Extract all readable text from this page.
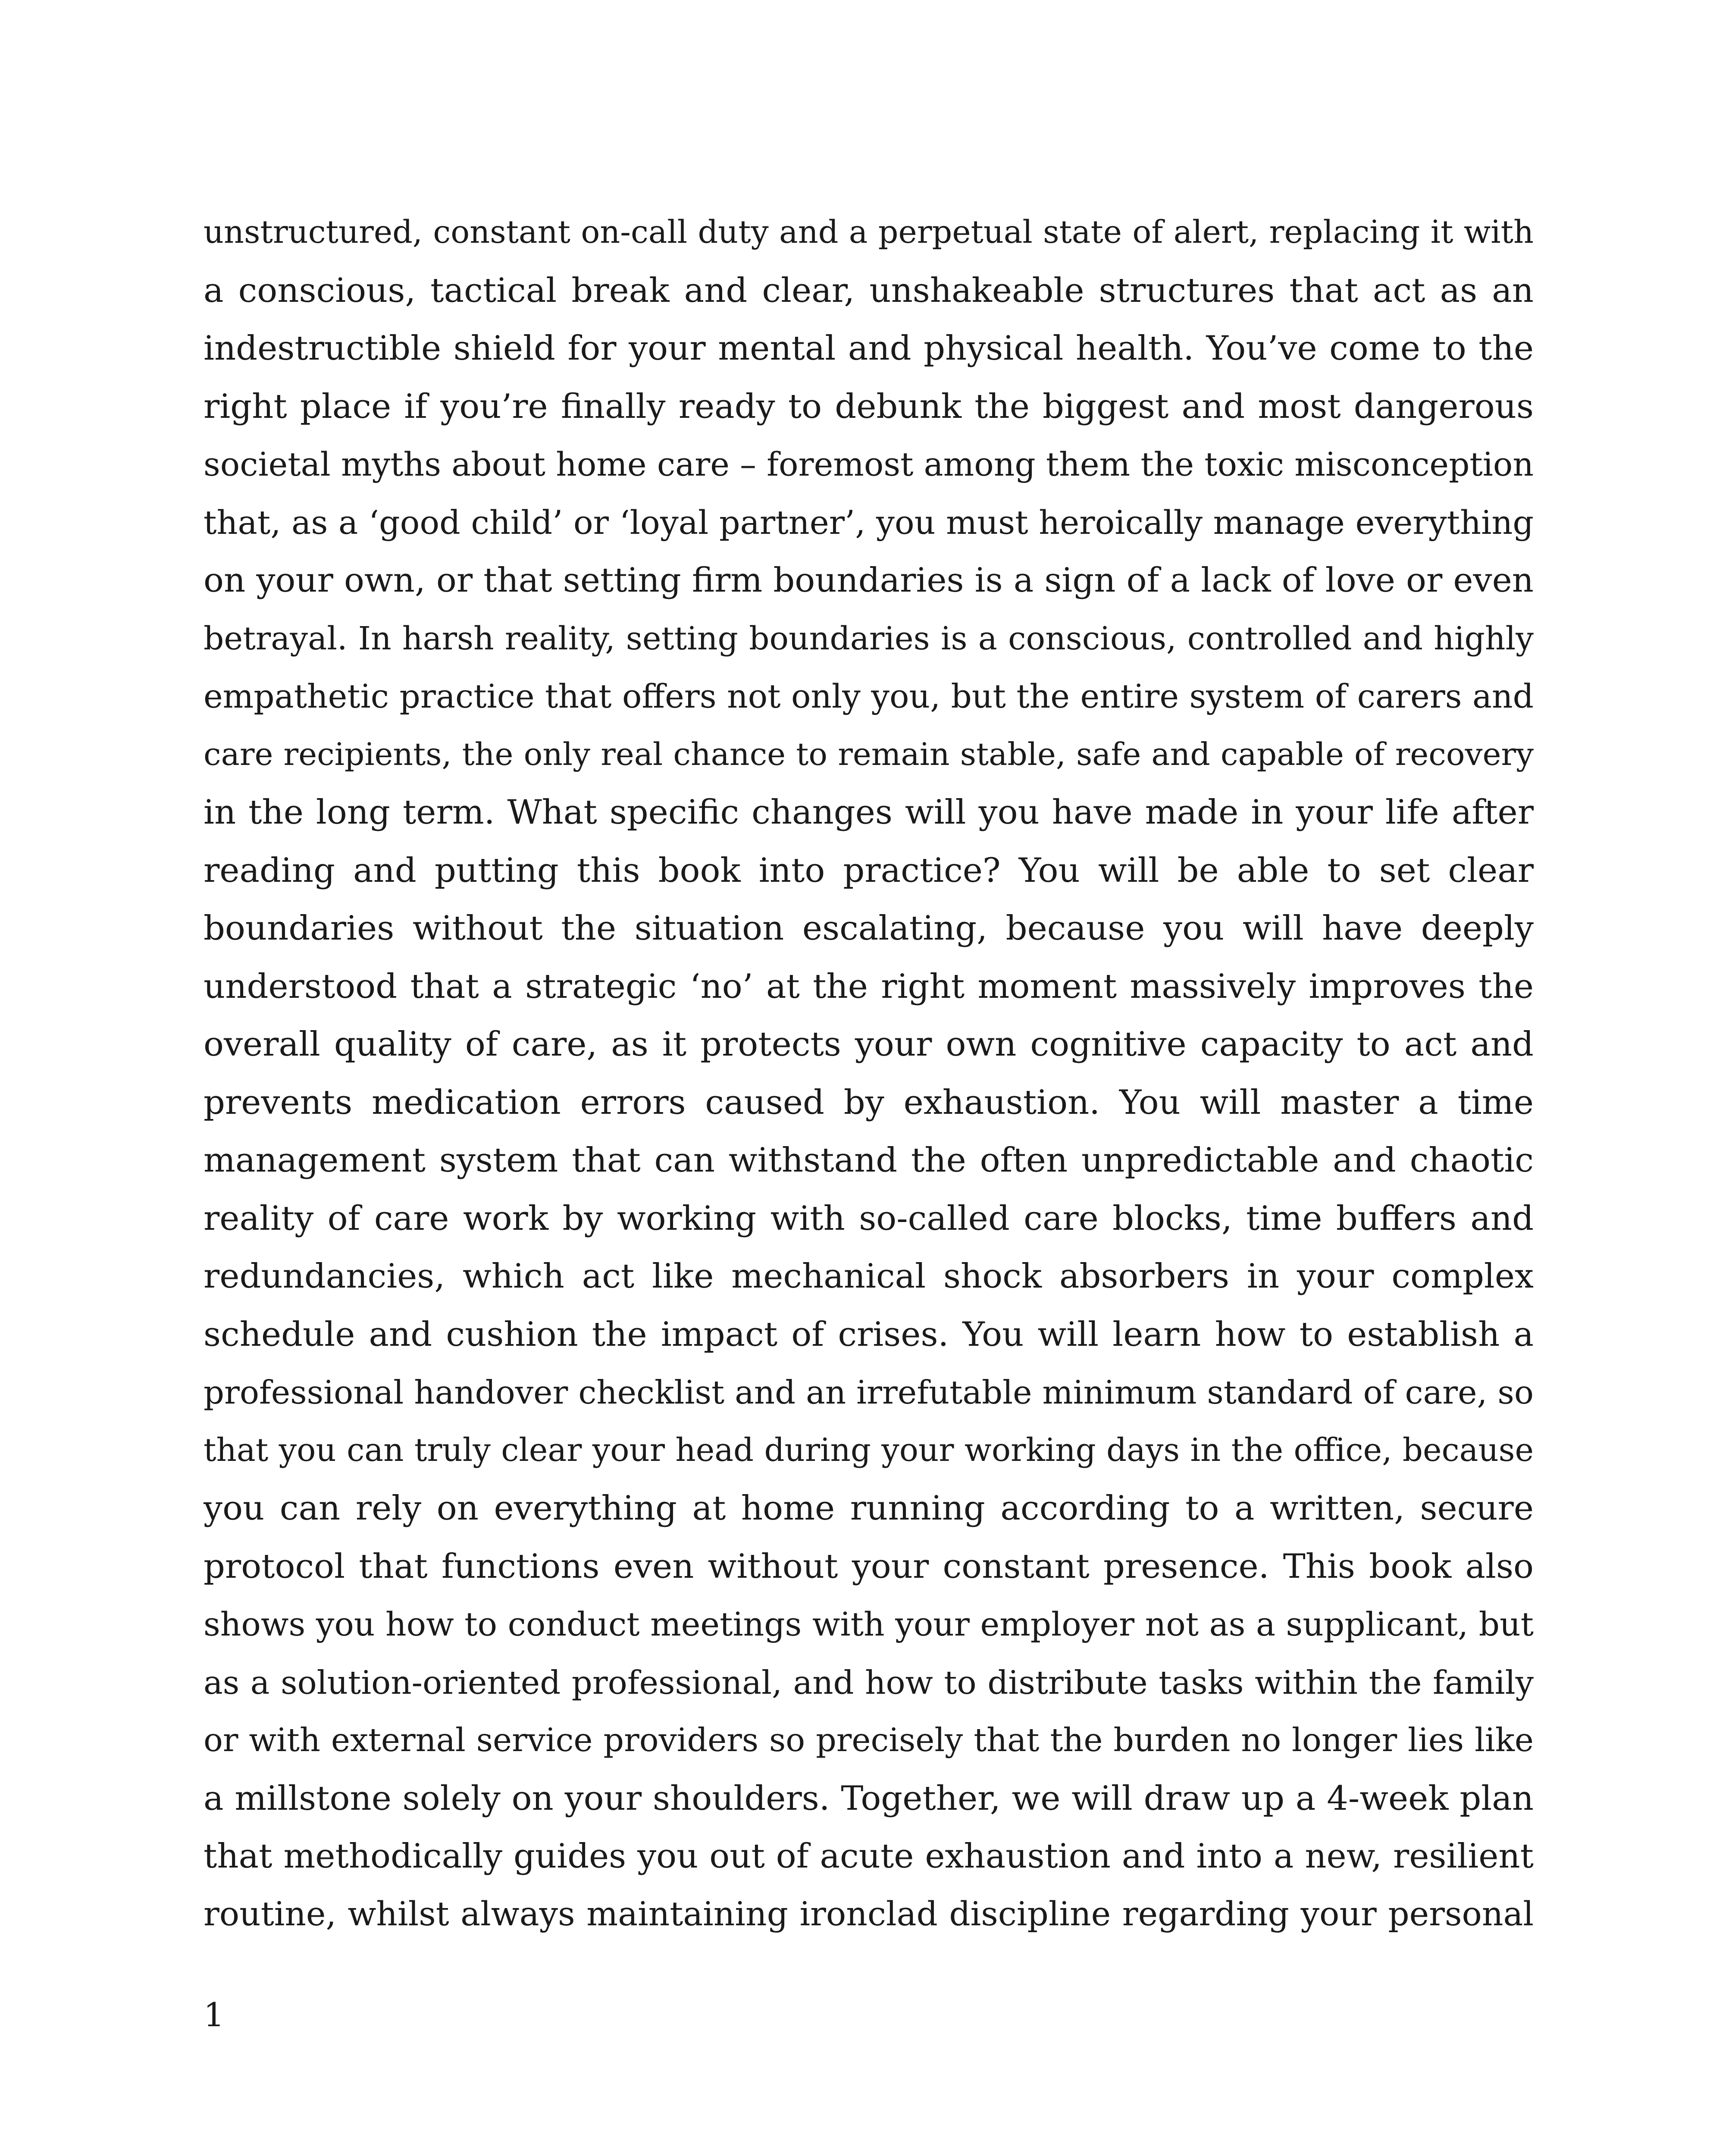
unstructured, constant on-call duty and a perpetual state of alert, replacing it with
a conscious, tactical break and clear, unshakeable structures that act as an
indestructible shield for your mental and physical health. You’ve come to the
right place if you’re finally ready to debunk the biggest and most dangerous
societal myths about home care – foremost among them the toxic misconception
that, as a ‘good child’ or ‘loyal partner’, you must heroically manage everything
on your own, or that setting firm boundaries is a sign of a lack of love or even
betrayal. In harsh reality, setting boundaries is a conscious, controlled and highly
empathetic practice that offers not only you, but the entire system of carers and
care recipients, the only real chance to remain stable, safe and capable of recovery
in the long term. What specific changes will you have made in your life after
reading and putting this book into practice? You will be able to set clear
boundaries without the situation escalating, because you will have deeply
understood that a strategic ‘no’ at the right moment massively improves the
overall quality of care, as it protects your own cognitive capacity to act and
prevents medication errors caused by exhaustion. You will master a time
management system that can withstand the often unpredictable and chaotic
reality of care work by working with so-called care blocks, time buffers and
redundancies, which act like mechanical shock absorbers in your complex
schedule and cushion the impact of crises. You will learn how to establish a
professional handover checklist and an irrefutable minimum standard of care, so
that you can truly clear your head during your working days in the office, because
you can rely on everything at home running according to a written, secure
protocol that functions even without your constant presence. This book also
shows you how to conduct meetings with your employer not as a supplicant, but
as a solution-oriented professional, and how to distribute tasks within the family
or with external service providers so precisely that the burden no longer lies like
a millstone solely on your shoulders. Together, we will draw up a 4-week plan
that methodically guides you out of acute exhaustion and into a new, resilient
routine, whilst always maintaining ironclad discipline regarding your personal
1
